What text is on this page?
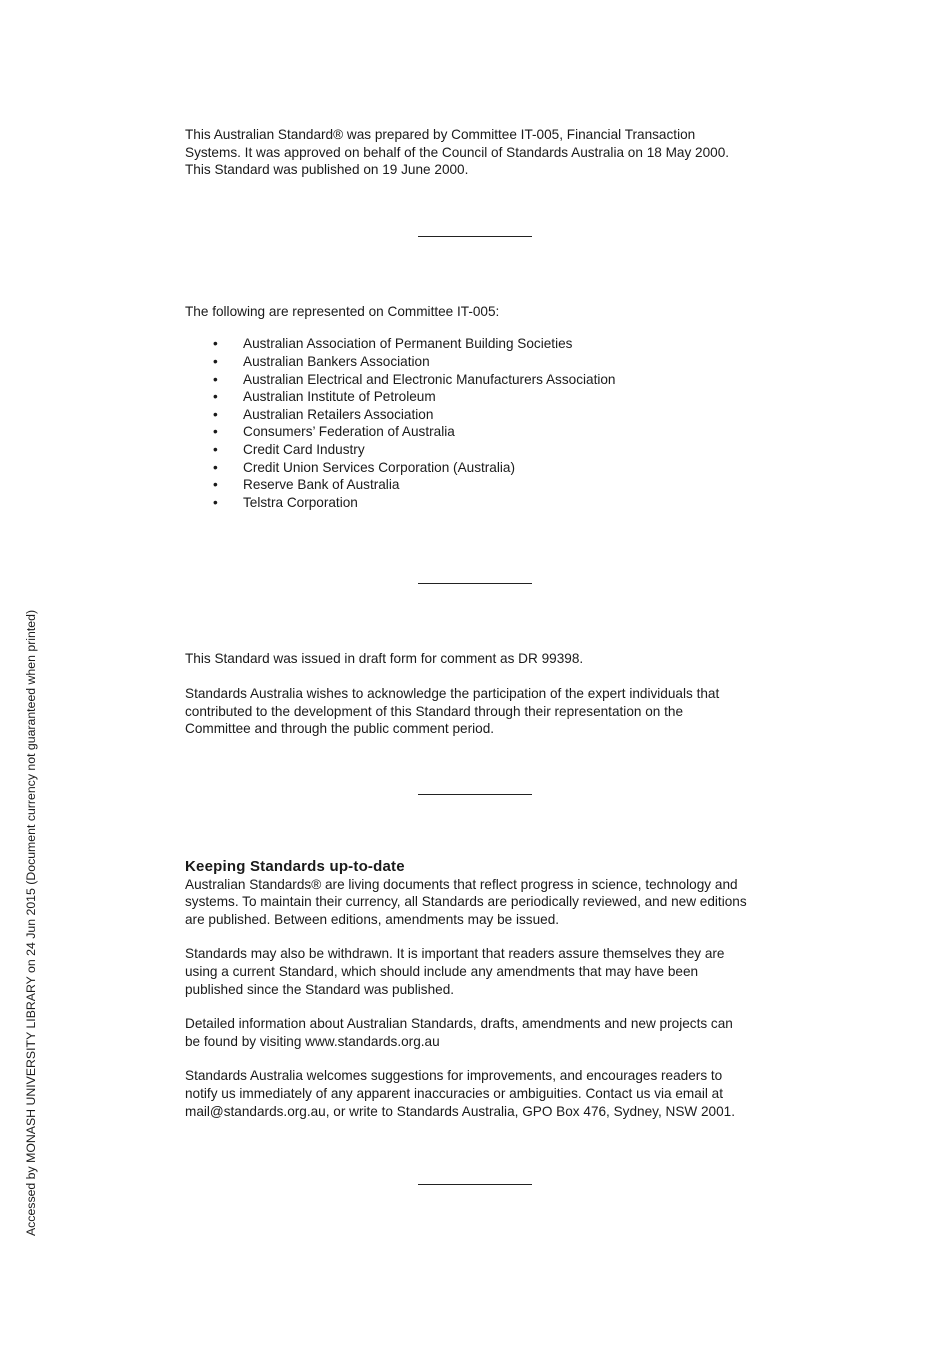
Accessed by MONASH UNIVERSITY LIBRARY on 24 Jun 2015 (Document currency not guaranteed when printed)

This Australian Standard® was prepared by Committee IT-005, Financial Transaction
Systems. It was approved on behalf of the Council of Standards Australia on 18 May 2000.
This Standard was published on 19 June 2000.

The following are represented on Committee IT-005:

• Australian Association of Permanent Building Societies
• Australian Bankers Association
• Australian Electrical and Electronic Manufacturers Association
• Australian Institute of Petroleum
• Australian Retailers Association
• Consumers’ Federation of Australia
• Credit Card Industry
• Credit Union Services Corporation (Australia)
• Reserve Bank of Australia
• Telstra Corporation

This Standard was issued in draft form for comment as DR 99398.

Standards Australia wishes to acknowledge the participation of the expert individuals that
contributed to the development of this Standard through their representation on the
Committee and through the public comment period.

Keeping Standards up-to-date

Australian Standards® are living documents that reflect progress in science, technology and
systems. To maintain their currency, all Standards are periodically reviewed, and new editions
are published. Between editions, amendments may be issued.

Standards may also be withdrawn. It is important that readers assure themselves they are
using a current Standard, which should include any amendments that may have been
published since the Standard was published.

Detailed information about Australian Standards, drafts, amendments and new projects can
be found by visiting www.standards.org.au

Standards Australia welcomes suggestions for improvements, and encourages readers to
notify us immediately of any apparent inaccuracies or ambiguities. Contact us via email at
mail@standards.org.au, or write to Standards Australia, GPO Box 476, Sydney, NSW 2001.
